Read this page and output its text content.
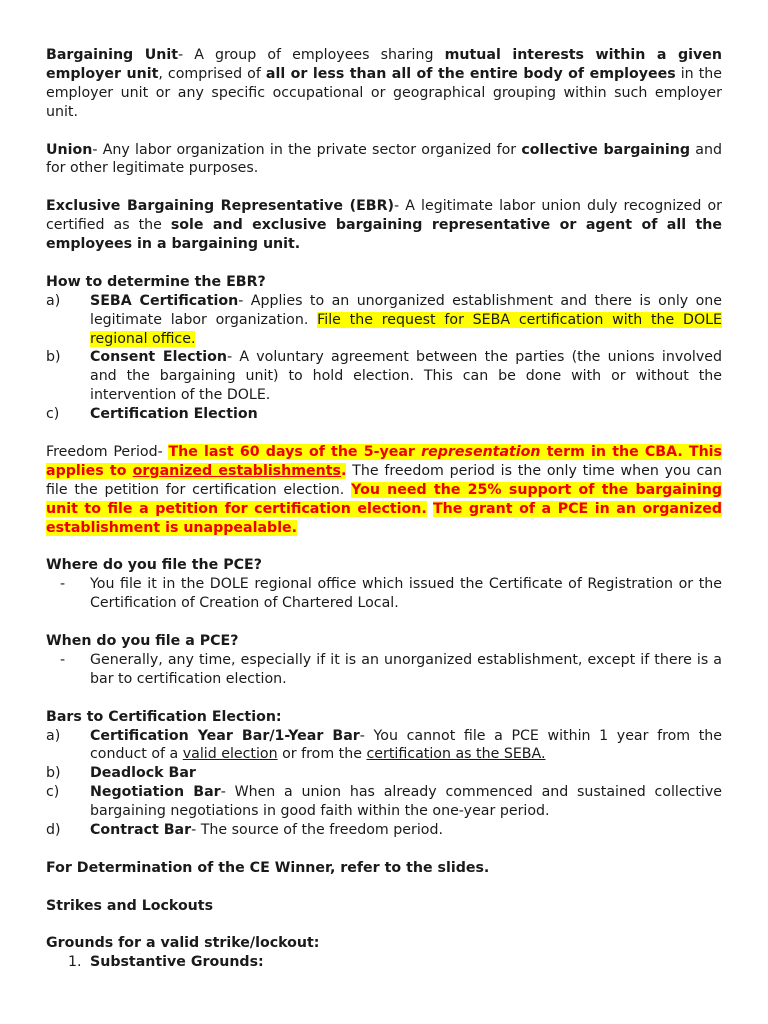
Bargaining Unit- A group of employees sharing mutual interests within a given employer unit, comprised of all or less than all of the entire body of employees in the employer unit or any specific occupational or geographical grouping within such employer unit.

Union- Any labor organization in the private sector organized for collective bargaining and for other legitimate purposes.

Exclusive Bargaining Representative (EBR)- A legitimate labor union duly recognized or certified as the sole and exclusive bargaining representative or agent of all the employees in a bargaining unit.

How to determine the EBR?
a)	SEBA Certification- Applies to an unorganized establishment and there is only one legitimate labor organization. File the request for SEBA certification with the DOLE regional office.
b)	Consent Election- A voluntary agreement between the parties (the unions involved and the bargaining unit) to hold election. This can be done with or without the intervention of the DOLE.
c)	Certification Election

Freedom Period- The last 60 days of the 5-year representation term in the CBA. This applies to organized establishments. The freedom period is the only time when you can file the petition for certification election. You need the 25% support of the bargaining unit to file a petition for certification election. The grant of a PCE in an organized establishment is unappealable.

Where do you file the PCE?
-	You file it in the DOLE regional office which issued the Certificate of Registration or the Certification of Creation of Chartered Local.
When do you file a PCE?
-	Generally, any time, especially if it is an unorganized establishment, except if there is a bar to certification election.
Bars to Certification Election:
a)	Certification Year Bar/1-Year Bar- You cannot file a PCE within 1 year from the conduct of a valid election or from the certification as the SEBA.
b)	Deadlock Bar
c)	Negotiation Bar- When a union has already commenced and sustained collective bargaining negotiations in good faith within the one-year period.
d)	Contract Bar- The source of the freedom period.

For Determination of the CE Winner, refer to the slides.

Strikes and Lockouts

Grounds for a valid strike/lockout:
1. Substantive Grounds:
